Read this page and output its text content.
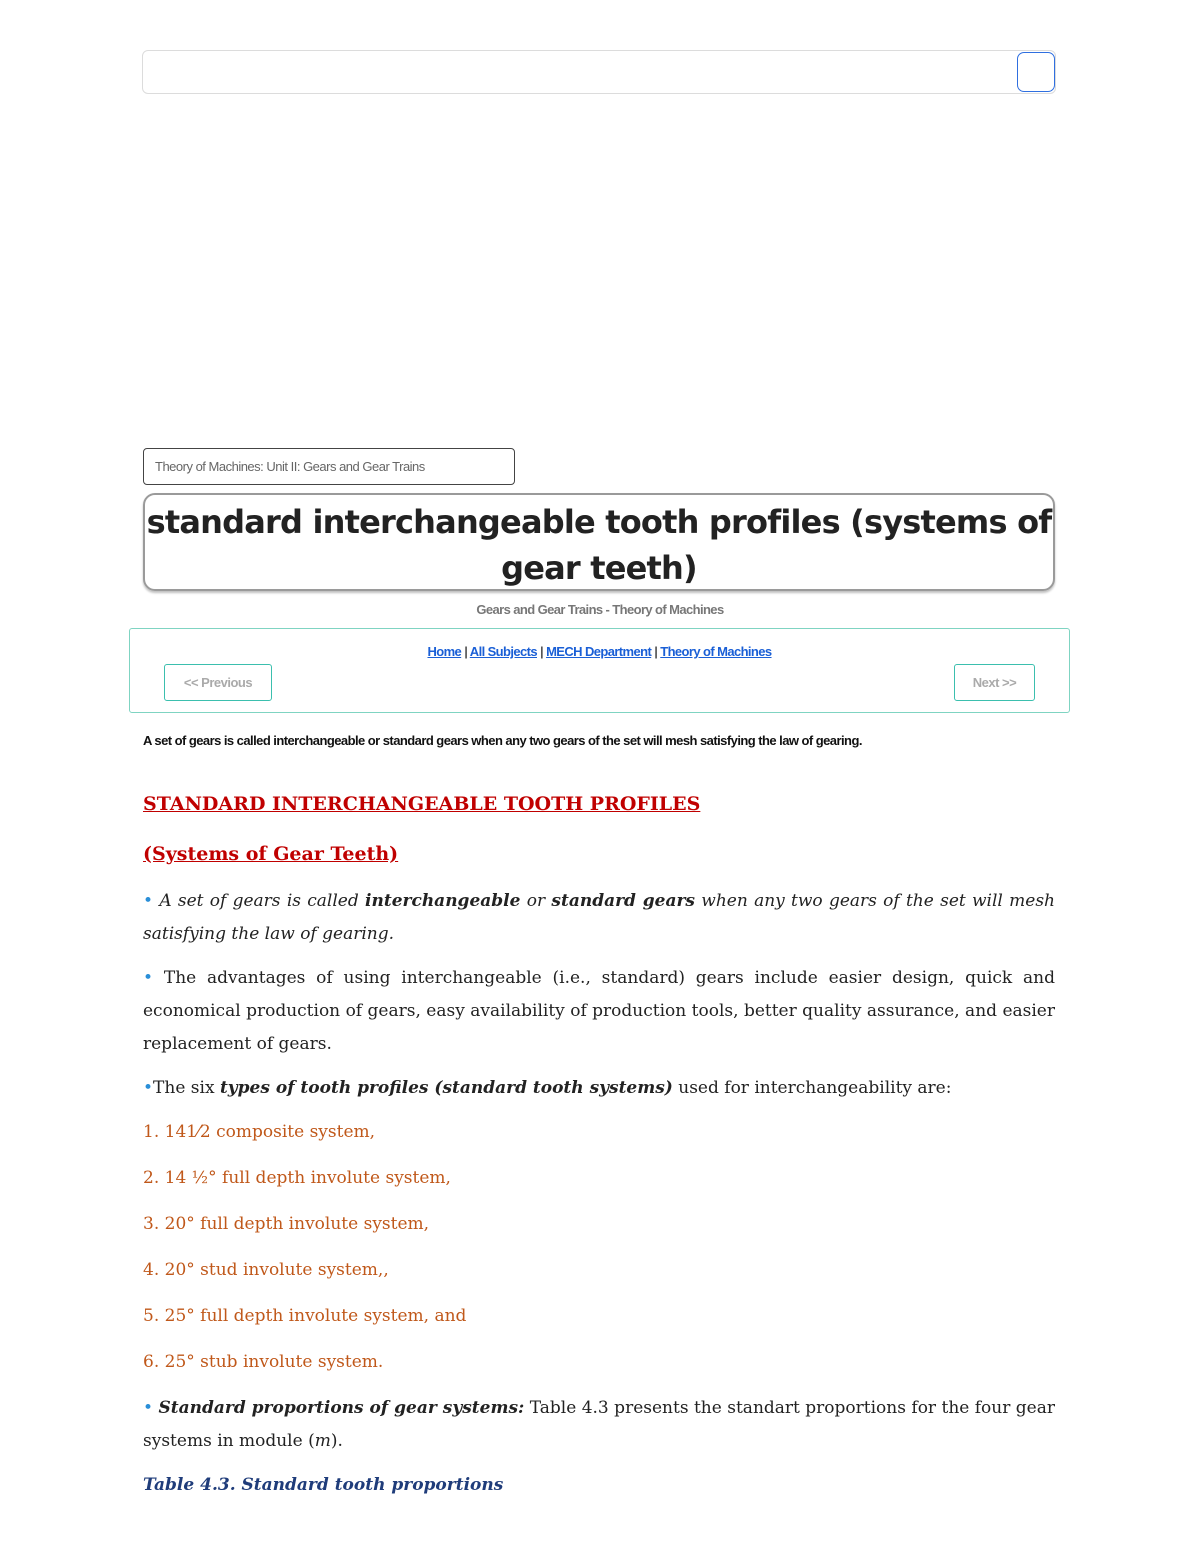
Theory of Machines: Unit II: Gears and Gear Trains
standard interchangeable tooth profiles (systems of gear teeth)
Gears and Gear Trains - Theory of Machines
Home | All Subjects | MECH Department | Theory of Machines
<< Previous	Next >>
A set of gears is called interchangeable or standard gears when any two gears of the set will mesh satisfying the law of gearing.

STANDARD INTERCHANGEABLE TOOTH PROFILES

(Systems of Gear Teeth)

• A set of gears is called interchangeable or standard gears when any two gears of the set will mesh satisfying the law of gearing.

• The advantages of using interchangeable (i.e., standard) gears include easier design, quick and economical production of gears, easy availability of production tools, better quality assurance, and easier replacement of gears.

•The six types of tooth profiles (standard tooth systems) used for interchangeability are:

1. 141⁄2 composite system,

2. 14 ½° full depth involute system,

3. 20° full depth involute system,

4. 20° stud involute system,,

5. 25° full depth involute system, and

6. 25° stub involute system.

• Standard proportions of gear systems: Table 4.3 presents the standart proportions for the four gear systems in module (m).

Table 4.3. Standard tooth proportions
